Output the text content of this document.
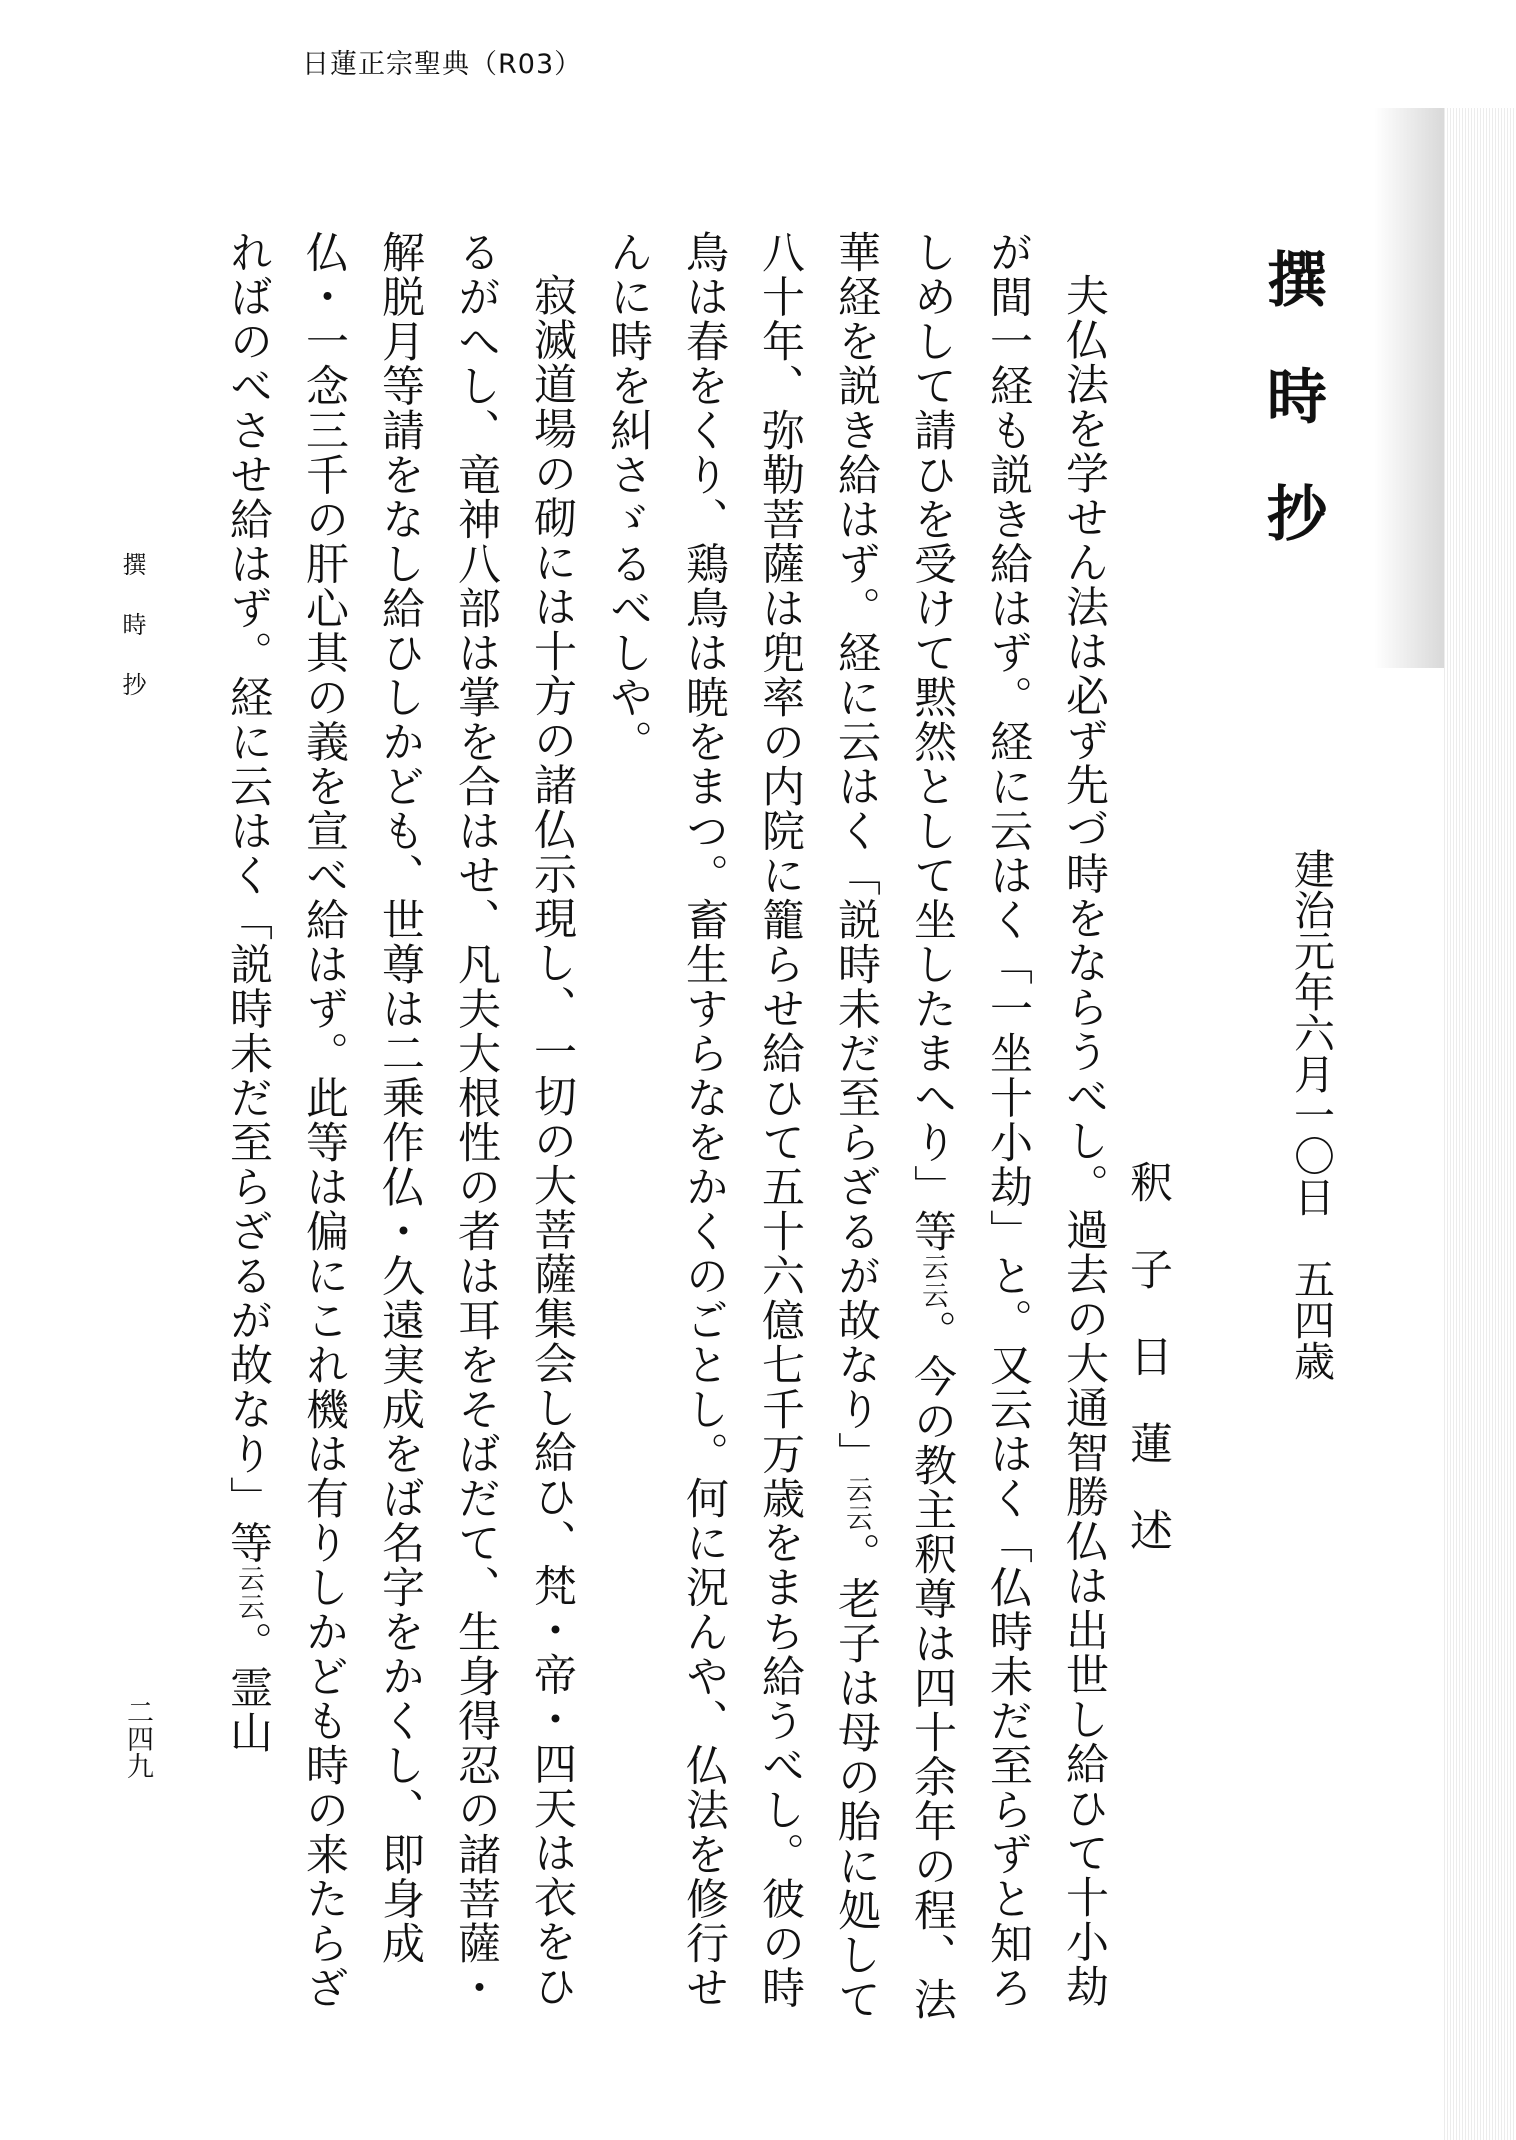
日蓮正宗聖典（R03）
撰時抄
建治元年六月一〇日　五四歳
釈子日蓮述

夫仏法を学せん法は必ず先づ時をならうべし。過去の大通智勝仏は出世し給ひて十小劫が間一経も説き給はず。経に云はく「一坐十小劫」と。又云はく「仏時未だ至らずと知ろしめして請ひを受けて黙然として坐したまへり」等云云。今の教主釈尊は四十余年の程、法華経を説き給はず。経に云はく「説時未だ至らざるが故なり」云云。老子は母の胎に処して八十年、弥勒菩薩は兜率の内院に籠らせ給ひて五十六億七千万歳をまち給うべし。彼の時鳥は春をくり、鶏鳥は暁をまつ。畜生すらなをかくのごとし。何に況んや、仏法を修行せんに時を糾さゞるべしや。

寂滅道場の砌には十方の諸仏示現し、一切の大菩薩集会し給ひ、梵・帝・四天は衣をひるがへし、竜神八部は掌を合はせ、凡夫大根性の者は耳をそばだて、生身得忍の諸菩薩・解脱月等請をなし給ひしかども、世尊は二乗作仏・久遠実成をば名字をかくし、即身成仏・一念三千の肝心其の義を宣べ給はず。此等は偏にこれ機は有りしかども時の来たらざればのべさせ給はず。経に云はく「説時未だ至らざるが故なり」等云云。霊山

撰時抄
二四九
